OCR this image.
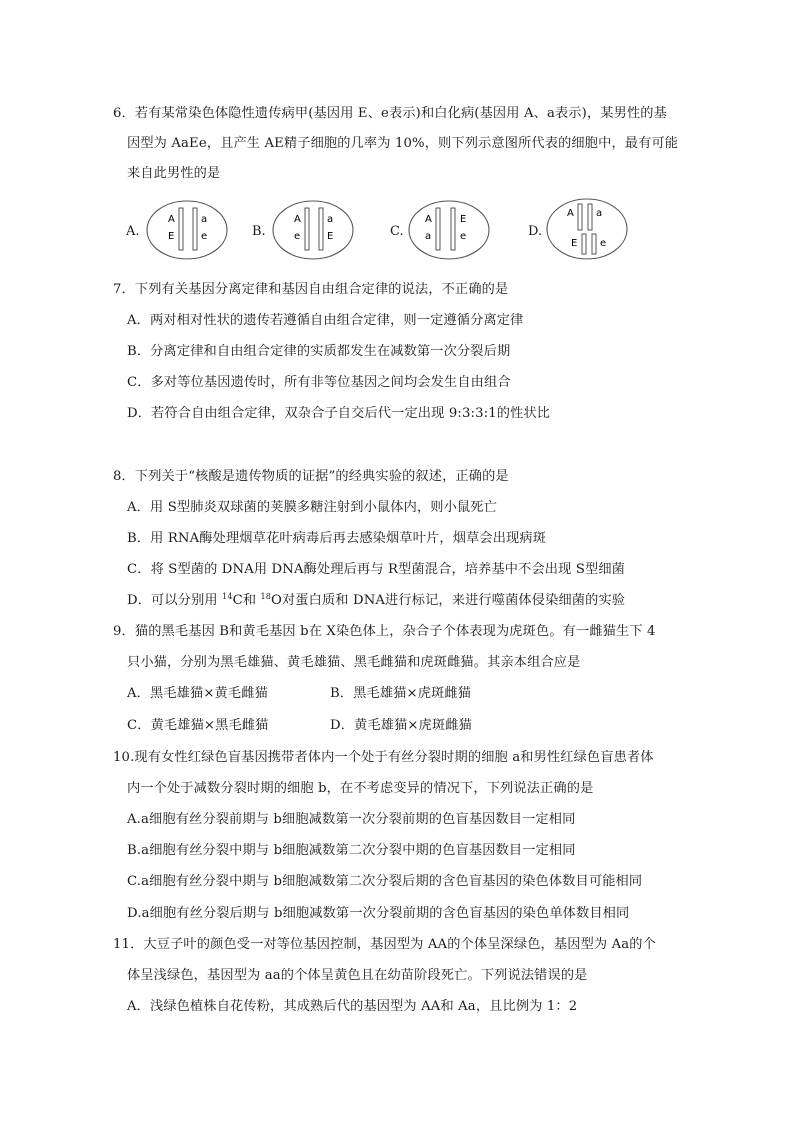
6．若有某常染色体隐性遗传病甲(基因用 E、e表示)和白化病(基因用 A、a表示)，某男性的基
因型为 AaEe，且产生 AE精子细胞的几率为 10%，则下列示意图所代表的细胞中，最有可能
来自此男性的是
A.
A
E
a
e	B.
A
e
a
E	C.
A
a
E
e	D.
A a
E e
7．下列有关基因分离定律和基因自由组合定律的说法，不正确的是
A．两对相对性状的遗传若遵循自由组合定律，则一定遵循分离定律
B．分离定律和自由组合定律的实质都发生在减数第一次分裂后期
C．多对等位基因遗传时，所有非等位基因之间均会发生自由组合
D．若符合自由组合定律，双杂合子自交后代一定出现 9:3:3:1的性状比
8．下列关于“核酸是遗传物质的证据”的经典实验的叙述，正确的是
A．用 S型肺炎双球菌的荚膜多糖注射到小鼠体内，则小鼠死亡
B．用 RNA酶处理烟草花叶病毒后再去感染烟草叶片，烟草会出现病斑
C．将 S型菌的 DNA用 DNA酶处理后再与 R型菌混合，培养基中不会出现 S型细菌
D．可以分别用 $^{14}$C和 $^{18}$O对蛋白质和 DNA进行标记，来进行噬菌体侵染细菌的实验
9．猫的黑毛基因 B和黄毛基因 b在 X染色体上，杂合子个体表现为虎斑色。有一雌猫生下 4
只小猫，分别为黑毛雄猫、黄毛雄猫、黑毛雌猫和虎斑雌猫。其亲本组合应是
A．黑毛雄猫×黄毛雌猫	B．黑毛雄猫×虎斑雌猫
C．黄毛雄猫×黑毛雌猫	D．黄毛雄猫×虎斑雌猫
10.现有女性红绿色盲基因携带者体内一个处于有丝分裂时期的细胞 a和男性红绿色盲患者体
内一个处于减数分裂时期的细胞 b，在不考虑变异的情况下，下列说法正确的是
A.a细胞有丝分裂前期与 b细胞减数第一次分裂前期的色盲基因数目一定相同
B.a细胞有丝分裂中期与 b细胞减数第二次分裂中期的色盲基因数目一定相同
C.a细胞有丝分裂中期与 b细胞减数第二次分裂后期的含色盲基因的染色体数目可能相同
D.a细胞有丝分裂后期与 b细胞减数第一次分裂前期的含色盲基因的染色单体数目相同
11．大豆子叶的颜色受一对等位基因控制，基因型为 AA的个体呈深绿色，基因型为 Aa的个
体呈浅绿色，基因型为 aa的个体呈黄色且在幼苗阶段死亡。下列说法错误的是
A．浅绿色植株自花传粉，其成熟后代的基因型为 AA和 Aa，且比例为 1：2
